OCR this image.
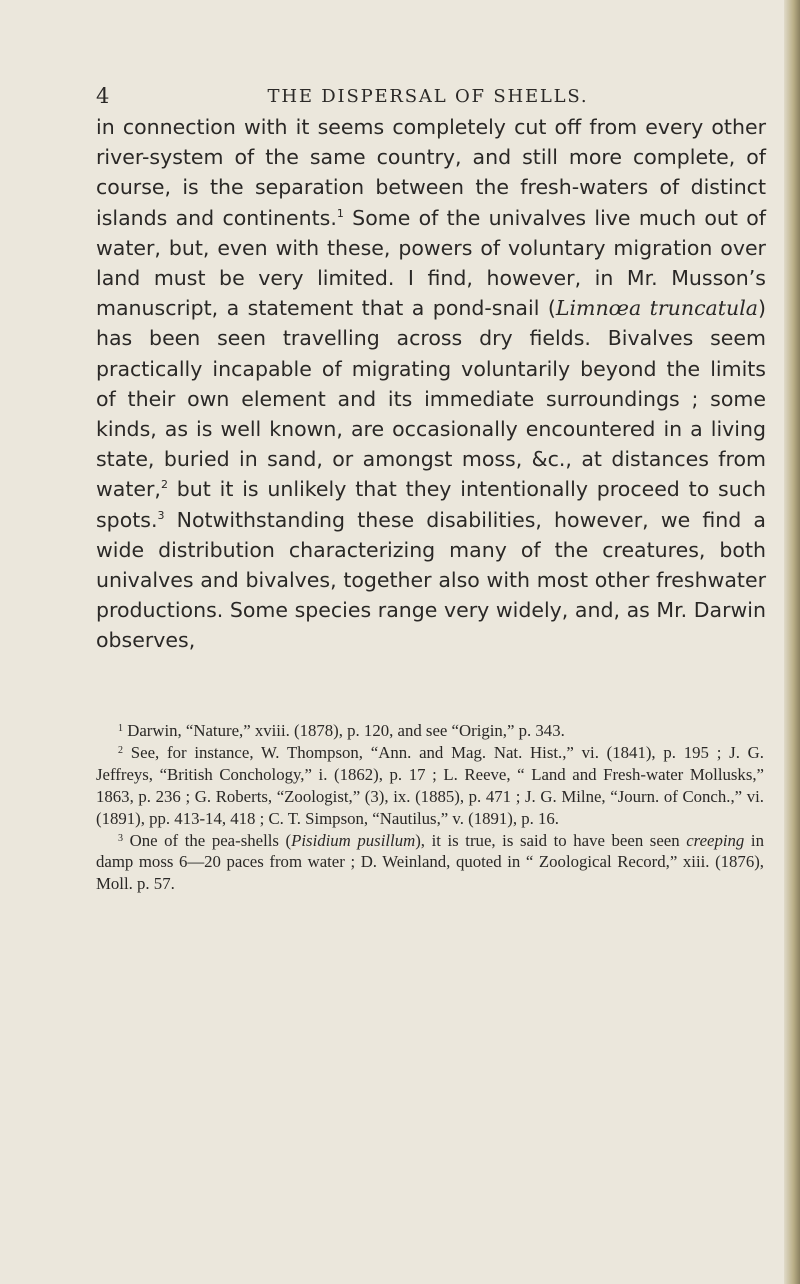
4	THE DISPERSAL OF SHELLS.

in connection with it seems completely cut off from every other river-system of the same country, and still more complete, of course, is the separation between the fresh-waters of distinct islands and continents.$^1$ Some of the univalves live much out of water, but, even with these, powers of voluntary migration over land must be very limited. I find, however, in Mr. Musson’s manuscript, a statement that a pond-snail (Limnœa truncatula) has been seen travelling across dry fields. Bivalves seem practically incapable of migrating voluntarily beyond the limits of their own element and its immediate surroundings ; some kinds, as is well known, are occasionally encountered in a living state, buried in sand, or amongst moss, &c., at distances from water,$^2$ but it is unlikely that they intentionally proceed to such spots.$^3$ Notwithstanding these disabilities, however, we find a wide distribution characterizing many of the creatures, both univalves and bivalves, together also with most other freshwater productions. Some species range very widely, and, as Mr. Darwin observes,

$^1$ Darwin, “Nature,” xviii. (1878), p. 120, and see “Origin,” p. 343.

$^2$ See, for instance, W. Thompson, “Ann. and Mag. Nat. Hist.,” vi. (1841), p. 195 ; J. G. Jeffreys, “British Conchology,” i. (1862), p. 17 ; L. Reeve, “ Land and Fresh-water Mollusks,” 1863, p. 236 ; G. Roberts, “Zoologist,” (3), ix. (1885), p. 471 ; J. G. Milne, “Journ. of Conch.,” vi. (1891), pp. 413-14, 418 ; C. T. Simpson, “Nautilus,” v. (1891), p. 16.

$^3$ One of the pea-shells (Pisidium pusillum), it is true, is said to have been seen creeping in damp moss 6—20 paces from water ; D. Weinland, quoted in “ Zoological Record,” xiii. (1876), Moll. p. 57.
